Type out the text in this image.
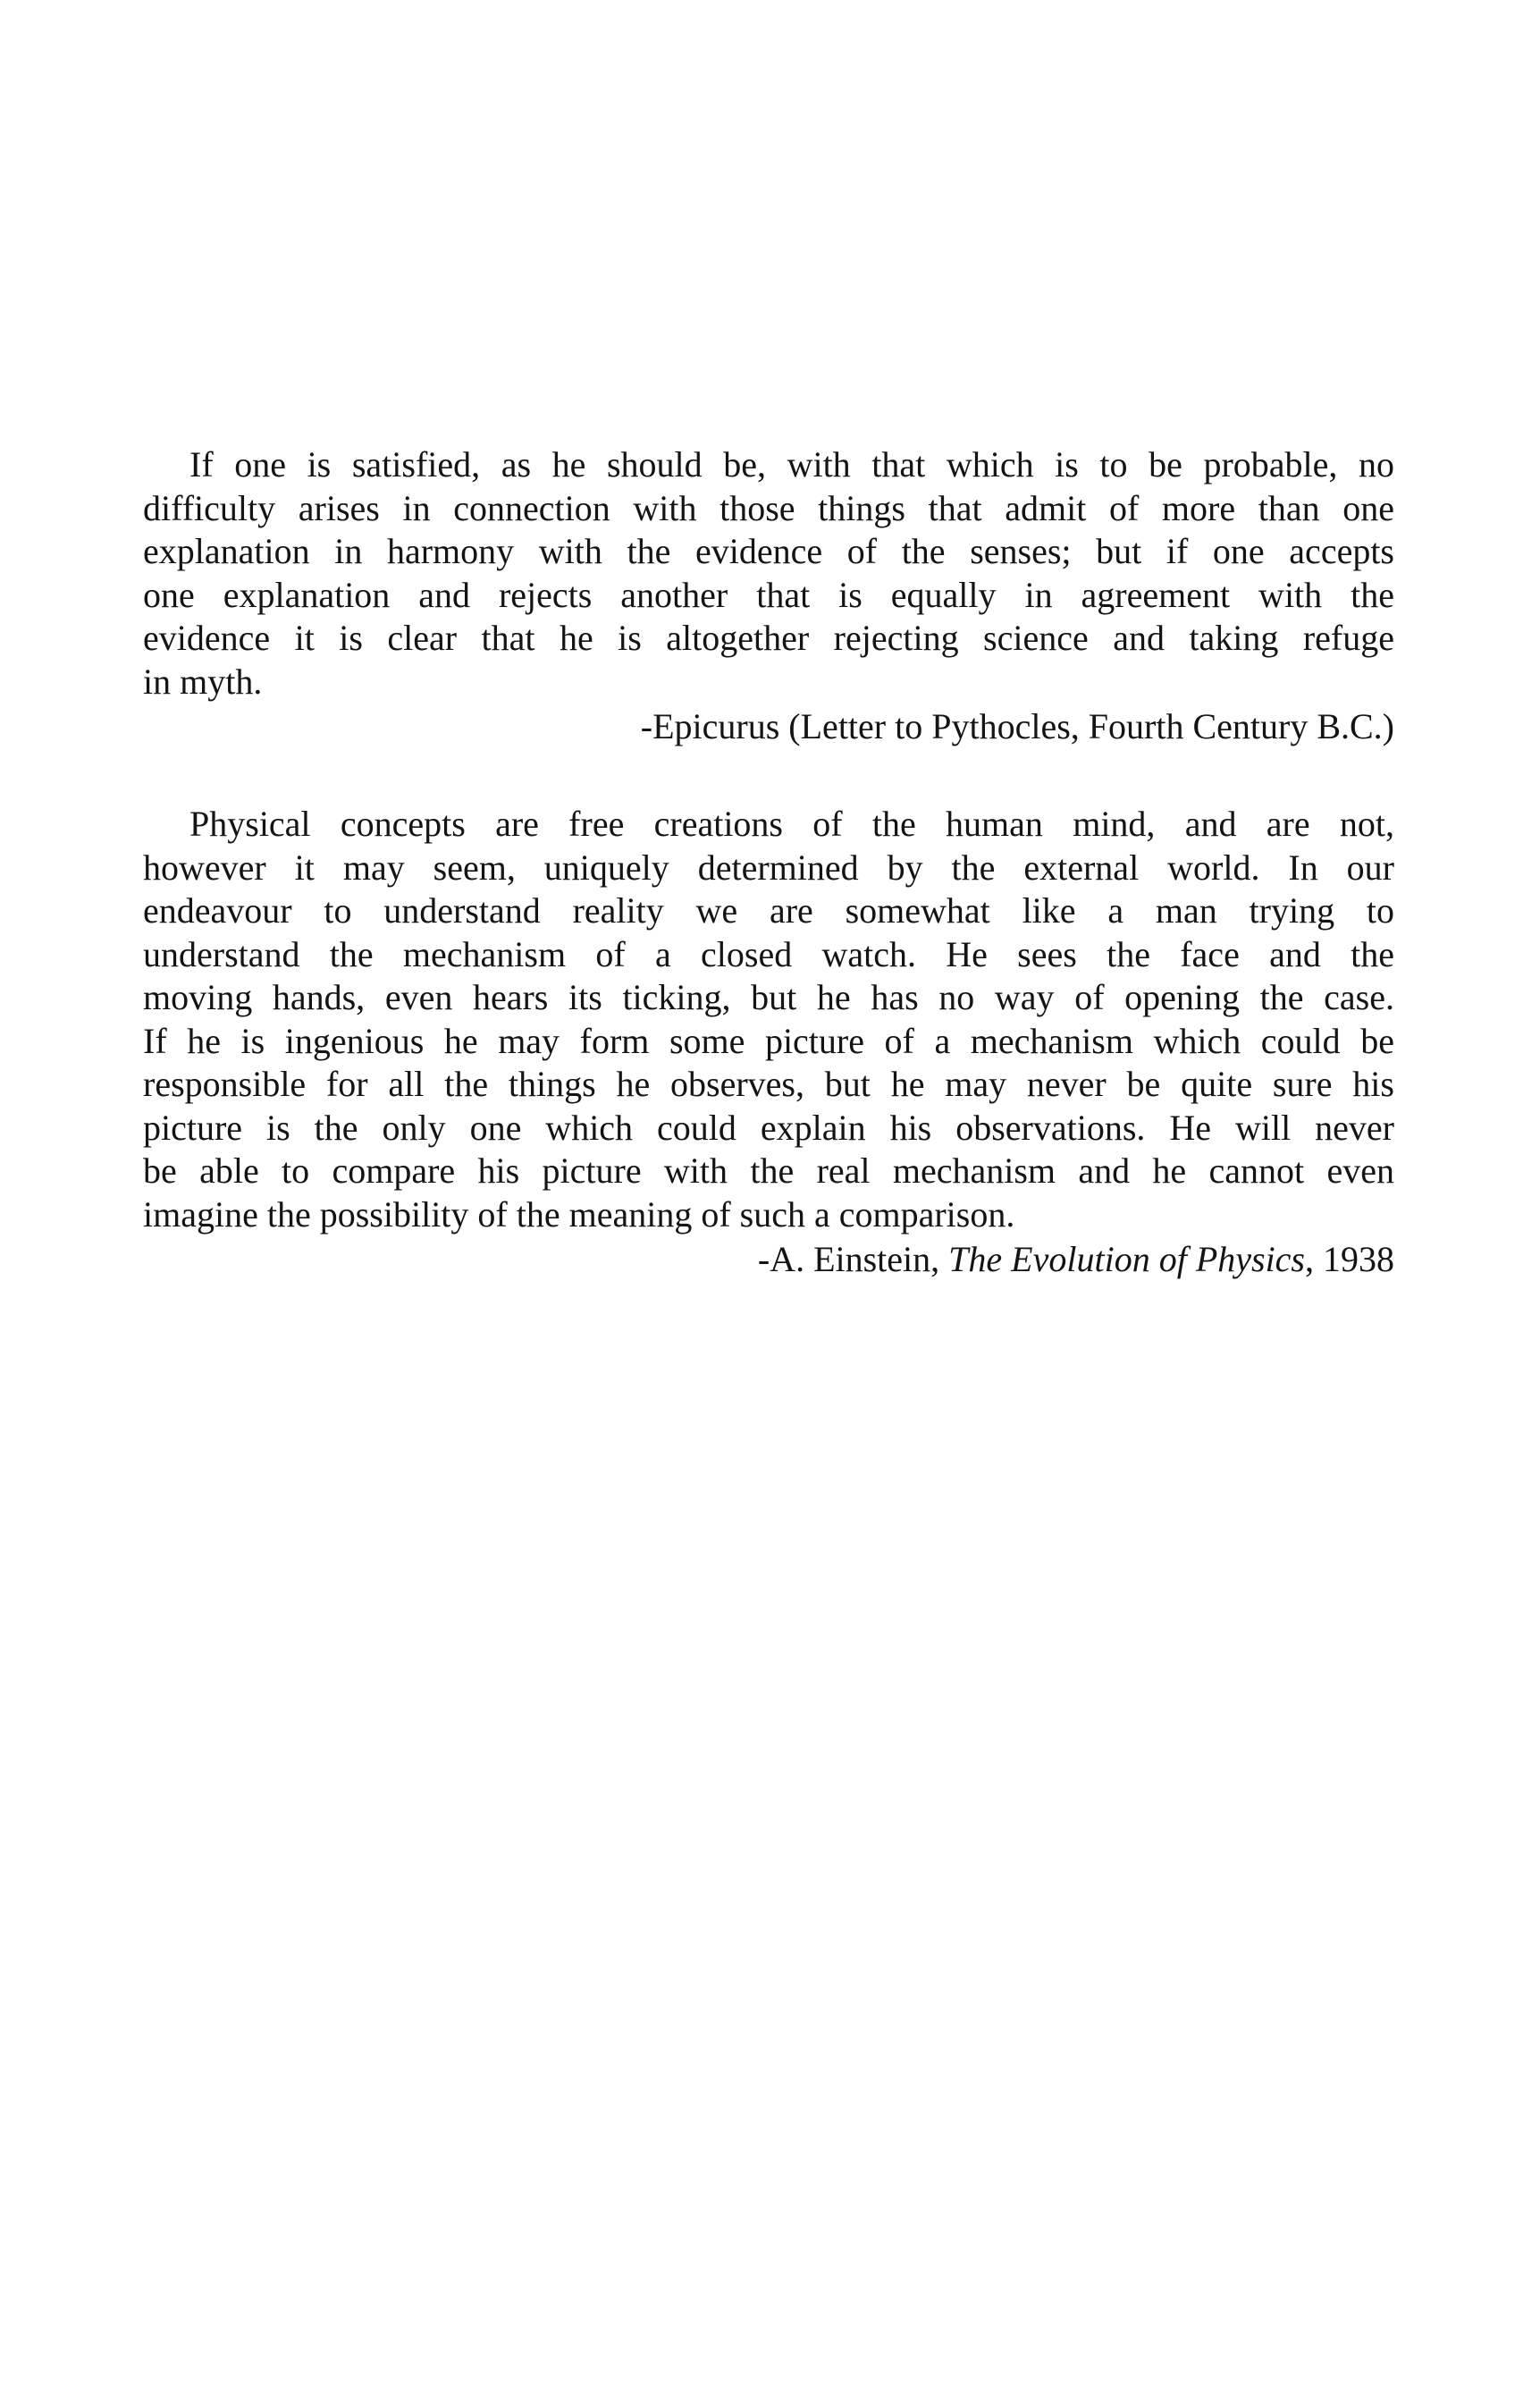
If one is satisfied, as he should be, with that which is to be probable, no
difficulty arises in connection with those things that admit of more than one
explanation in harmony with the evidence of the senses; but if one accepts
one explanation and rejects another that is equally in agreement with the
evidence it is clear that he is altogether rejecting science and taking refuge
in myth.
-Epicurus (Letter to Pythocles, Fourth Century B.C.)
Physical concepts are free creations of the human mind, and are not,
however it may seem, uniquely determined by the external world. In our
endeavour to understand reality we are somewhat like a man trying to
understand the mechanism of a closed watch. He sees the face and the
moving hands, even hears its ticking, but he has no way of opening the case.
If he is ingenious he may form some picture of a mechanism which could be
responsible for all the things he observes, but he may never be quite sure his
picture is the only one which could explain his observations. He will never
be able to compare his picture with the real mechanism and he cannot even
imagine the possibility of the meaning of such a comparison.
-A. Einstein, The Evolution of Physics, 1938
